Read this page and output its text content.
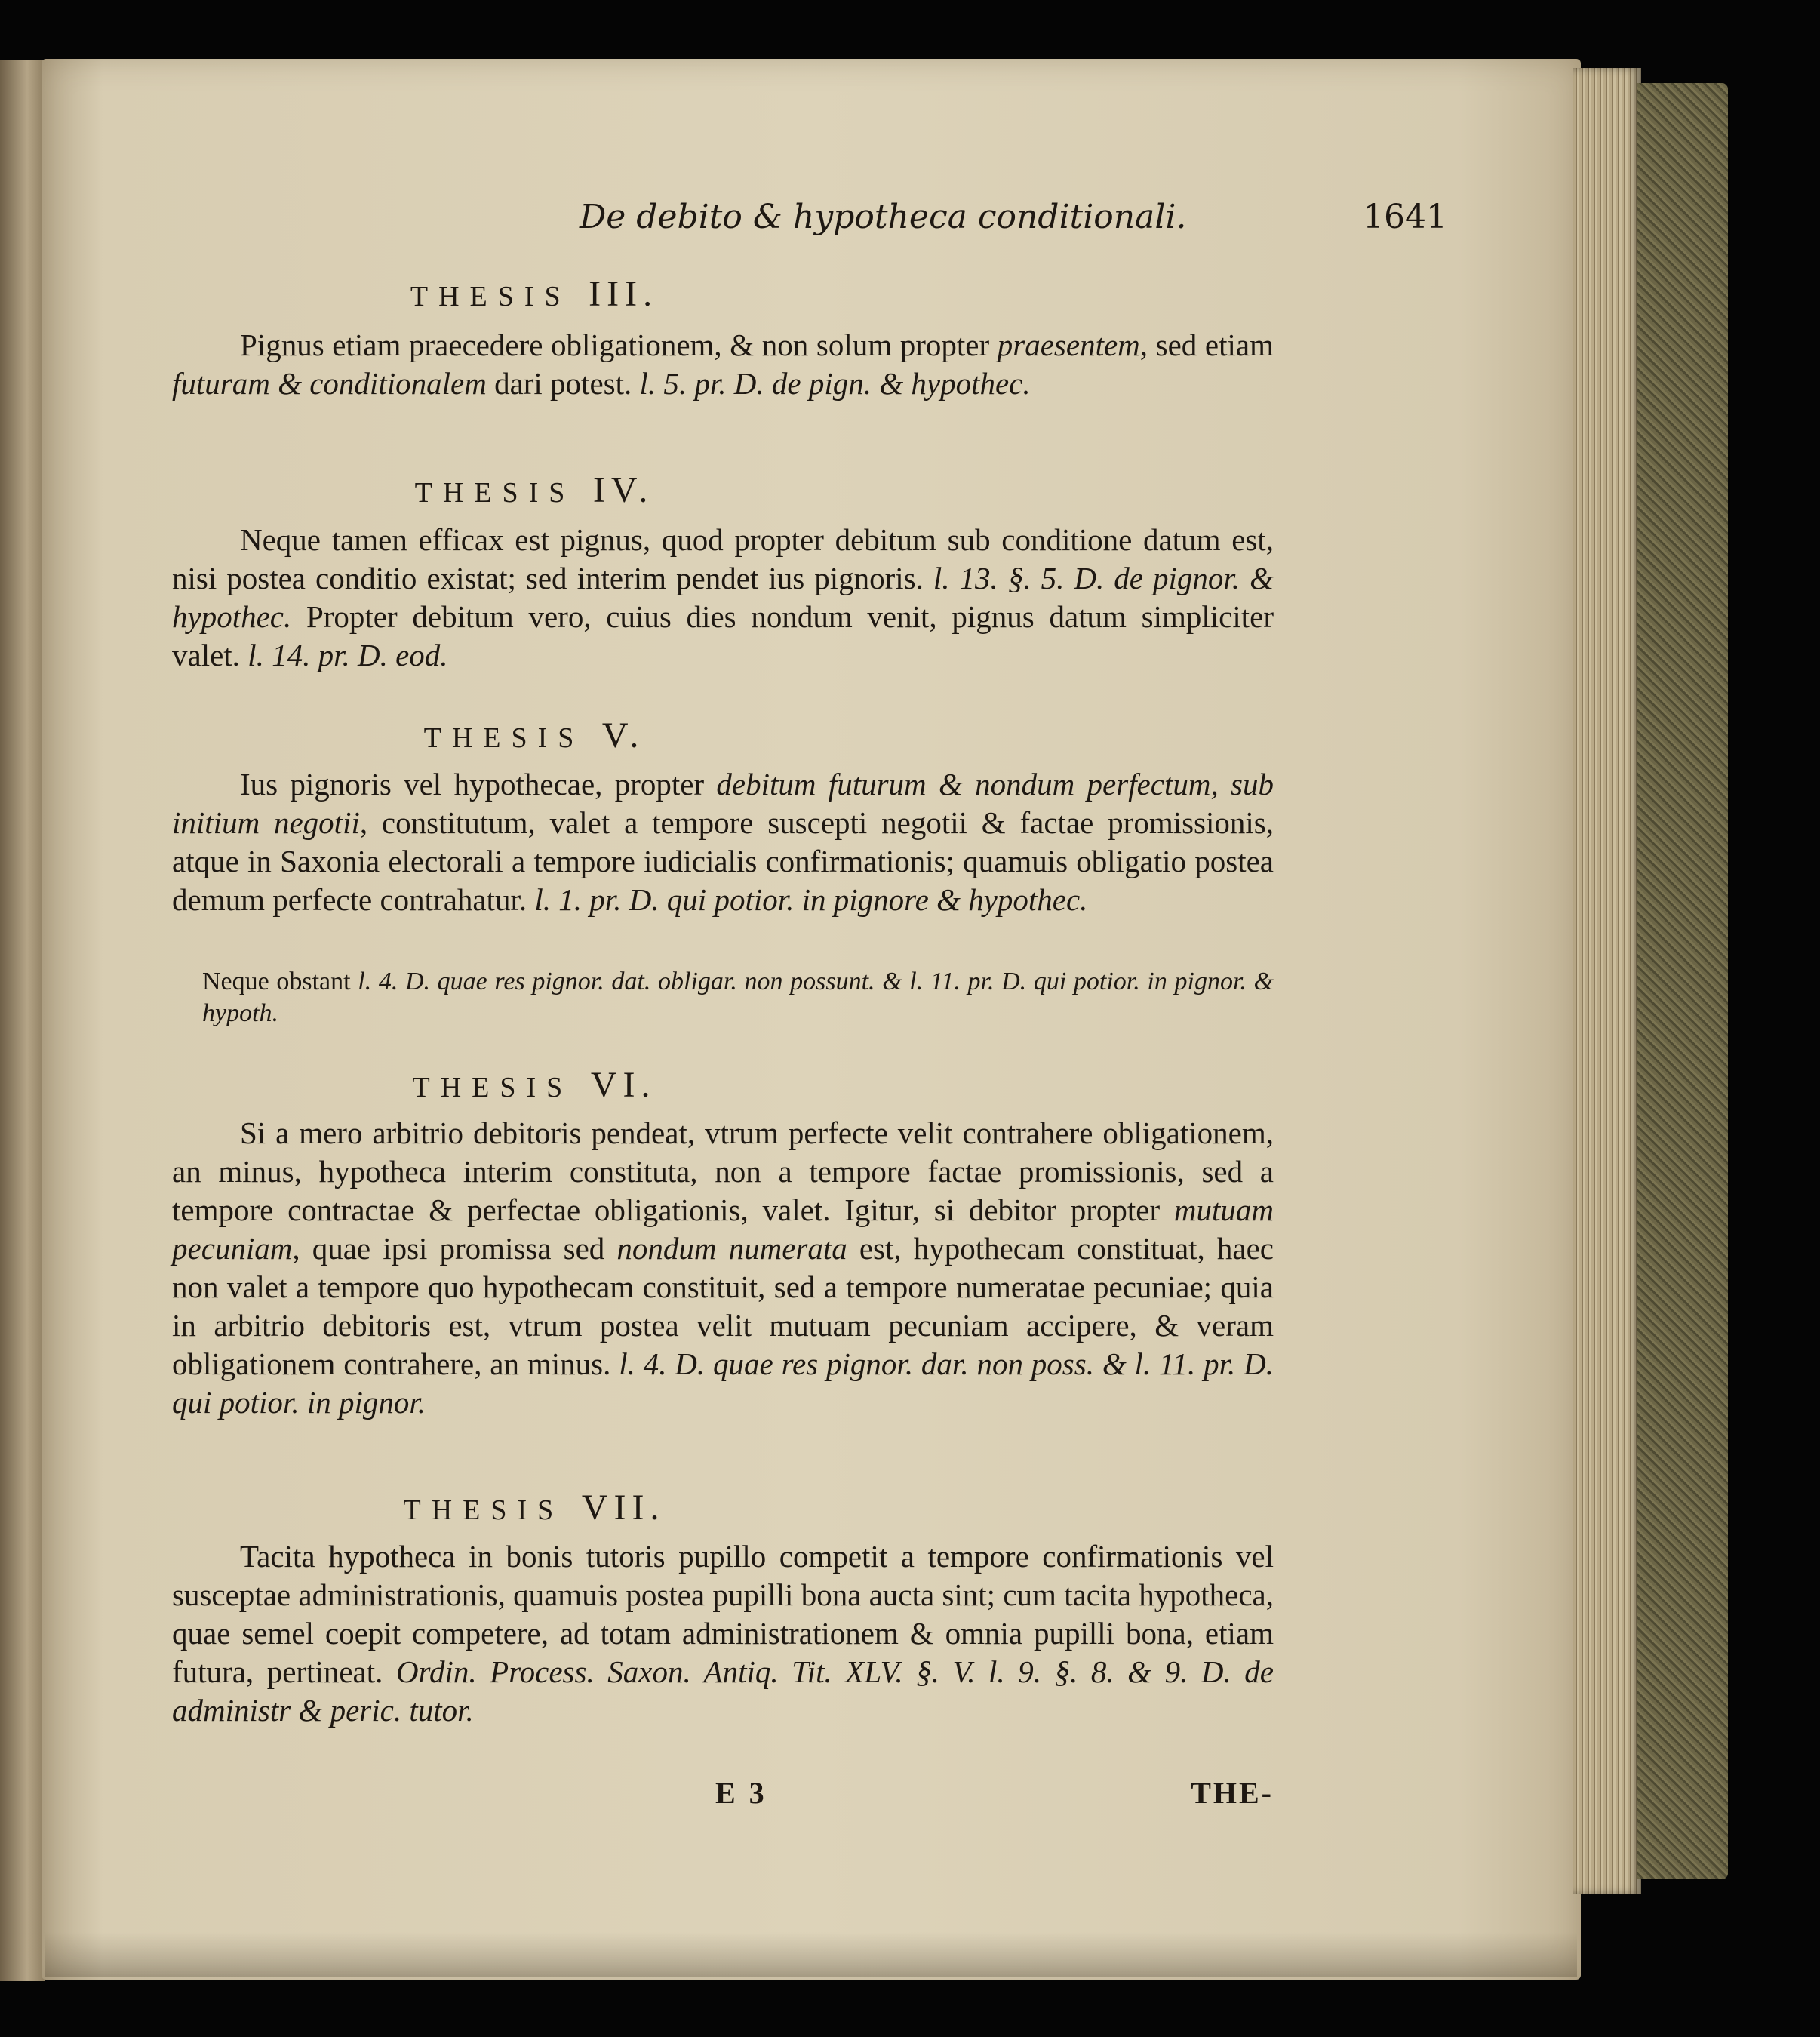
De debito & hypotheca conditionali.	1641

THESIS III.

Pignus etiam praecedere obligationem, & non solum propter praesentem, sed etiam futuram & conditionalem dari potest. l. 5. pr. D. de pign. & hypothec.

THESIS IV.

Neque tamen efficax est pignus, quod propter debitum sub conditione datum est, nisi postea conditio existat; sed interim pendet ius pignoris. l. 13. §. 5. D. de pignor. & hypothec. Propter debitum vero, cuius dies nondum venit, pignus datum simpliciter valet. l. 14. pr. D. eod.

THESIS V.

Ius pignoris vel hypothecae, propter debitum futurum & nondum perfectum, sub initium negotii, constitutum, valet a tempore suscepti negotii & factae promissionis, atque in Saxonia electorali a tempore iudicialis confirmationis; quamuis obligatio postea demum perfecte contrahatur. l. 1. pr. D. qui potior. in pignore & hypothec.

Neque obstant l. 4. D. quae res pignor. dat. obligar. non possunt. & l. 11. pr. D. qui potior. in pignor. & hypoth.

THESIS VI.

Si a mero arbitrio debitoris pendeat, vtrum perfecte velit contrahere obligationem, an minus, hypotheca interim constituta, non a tempore factae promissionis, sed a tempore contractae & perfectae obligationis, valet. Igitur, si debitor propter mutuam pecuniam, quae ipsi promissa sed nondum numerata est, hypothecam constituat, haec non valet a tempore quo hypothecam constituit, sed a tempore numeratae pecuniae; quia in arbitrio debitoris est, vtrum postea velit mutuam pecuniam accipere, & veram obligationem contrahere, an minus. l. 4. D. quae res pignor. dar. non poss. & l. 11. pr. D. qui potior. in pignor.

THESIS VII.

Tacita hypotheca in bonis tutoris pupillo competit a tempore confirmationis vel susceptae administrationis, quamuis postea pupilli bona aucta sint; cum tacita hypotheca, quae semel coepit competere, ad totam administrationem & omnia pupilli bona, etiam futura, pertineat. Ordin. Process. Saxon. Antiq. Tit. XLV. §. V. l. 9. §. 8. & 9. D. de administr & peric. tutor.

E 3	THE-
